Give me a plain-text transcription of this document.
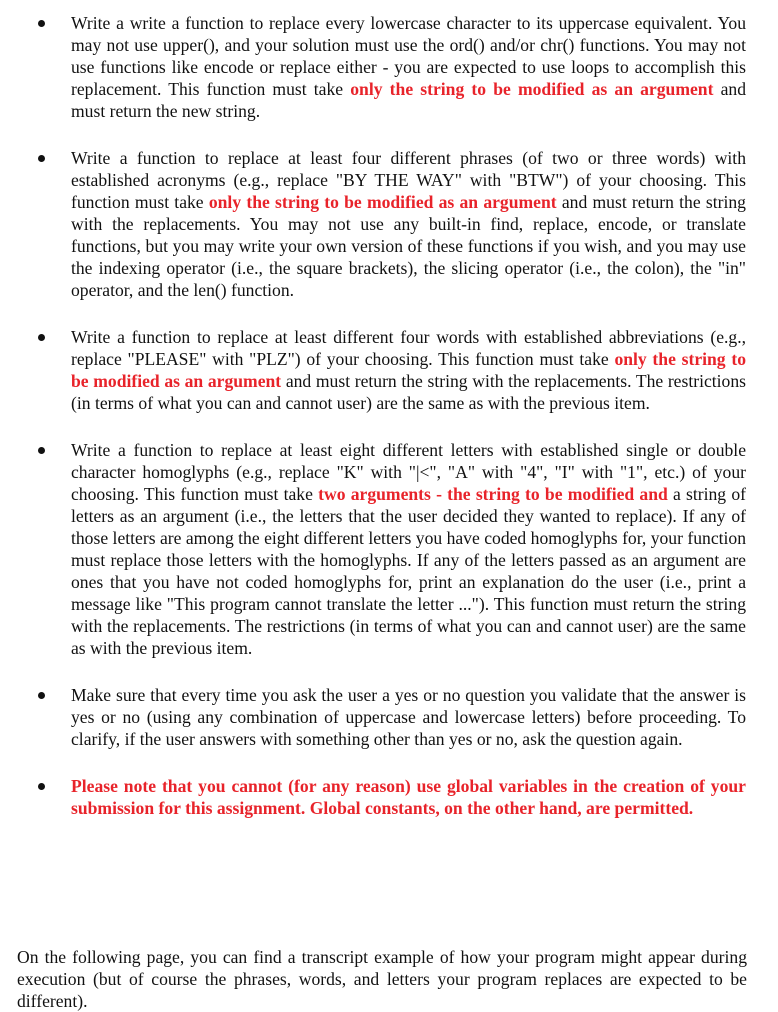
Write a write a function to replace every lowercase character to its uppercase equivalent. You may not use upper(), and your solution must use the ord() and/or chr() functions. You may not use functions like encode or replace either - you are expected to use loops to accomplish this replacement. This function must take only the string to be modified as an argument and must return the new string.
Write a function to replace at least four different phrases (of two or three words) with established acronyms (e.g., replace "BY THE WAY" with "BTW") of your choosing. This function must take only the string to be modified as an argument and must return the string with the replacements. You may not use any built-in find, replace, encode, or translate functions, but you may write your own version of these functions if you wish, and you may use the indexing operator (i.e., the square brackets), the slicing operator (i.e., the colon), the "in" operator, and the len() function.
Write a function to replace at least different four words with established abbreviations (e.g., replace "PLEASE" with "PLZ") of your choosing. This function must take only the string to be modified as an argument and must return the string with the replacements. The restrictions (in terms of what you can and cannot user) are the same as with the previous item.
Write a function to replace at least eight different letters with established single or double character homoglyphs (e.g., replace "K" with "|<", "A" with "4", "I" with "1", etc.) of your choosing. This function must take two arguments - the string to be modified and a string of letters as an argument (i.e., the letters that the user decided they wanted to replace). If any of those letters are among the eight different letters you have coded homoglyphs for, your function must replace those letters with the homoglyphs. If any of the letters passed as an argument are ones that you have not coded homoglyphs for, print an explanation do the user (i.e., print a message like "This program cannot translate the letter ..."). This function must return the string with the replacements. The restrictions (in terms of what you can and cannot user) are the same as with the previous item.
Make sure that every time you ask the user a yes or no question you validate that the answer is yes or no (using any combination of uppercase and lowercase letters) before proceeding. To clarify, if the user answers with something other than yes or no, ask the question again.
Please note that you cannot (for any reason) use global variables in the creation of your submission for this assignment. Global constants, on the other hand, are permitted.

On the following page, you can find a transcript example of how your program might appear during execution (but of course the phrases, words, and letters your program replaces are expected to be different).
